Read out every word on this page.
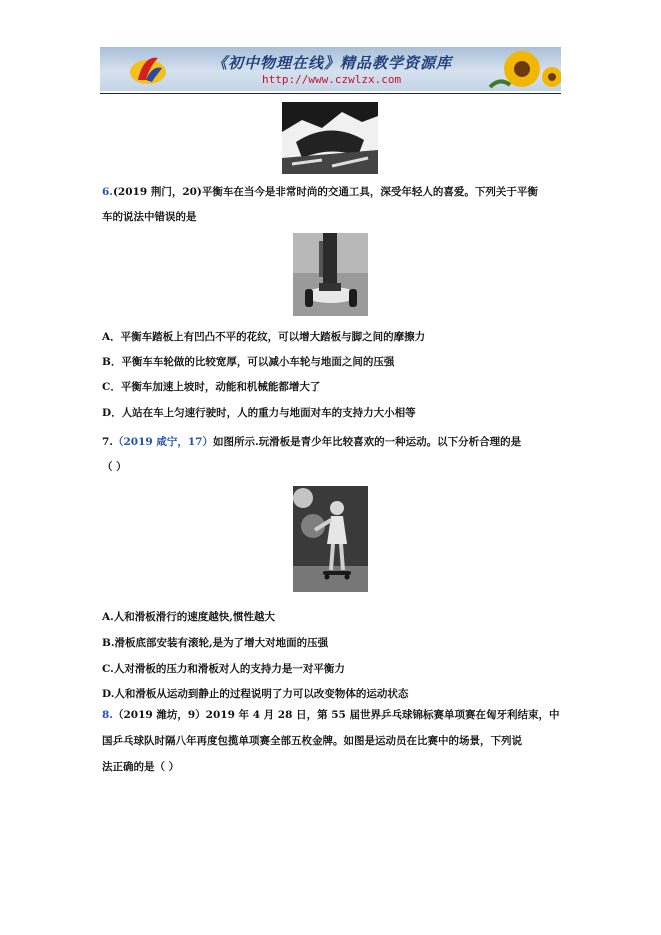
《初中物理在线》精品教学资源库
http://www.czwlzx.com
6.(2019 荆门，20)平衡车在当今是非常时尚的交通工具，深受年轻人的喜爱。下列关于平衡
车的说法中错误的是
A．平衡车踏板上有凹凸不平的花纹，可以增大踏板与脚之间的摩擦力
B．平衡车车轮做的比较宽厚，可以减小车轮与地面之间的压强
C．平衡车加速上坡时，动能和机械能都增大了
D．人站在车上匀速行驶时，人的重力与地面对车的支持力大小相等
7.（2019 咸宁，17）如图所示.玩滑板是青少年比较喜欢的一种运动。以下分析合理的是
（ ）
A.人和滑板滑行的速度越快,惯性越大
B.滑板底部安装有滚轮,是为了增大对地面的压强
C.人对滑板的压力和滑板对人的支持力是一对平衡力
D.人和滑板从运动到静止的过程说明了力可以改变物体的运动状态
8.（2019 潍坊，9）2019 年 4 月 28 日，第 55 届世界乒乓球锦标赛单项赛在匈牙利结束，中
国乒乓球队时隔八年再度包揽单项赛全部五枚金牌。如图是运动员在比赛中的场景，下列说
法正确的是（ ）
